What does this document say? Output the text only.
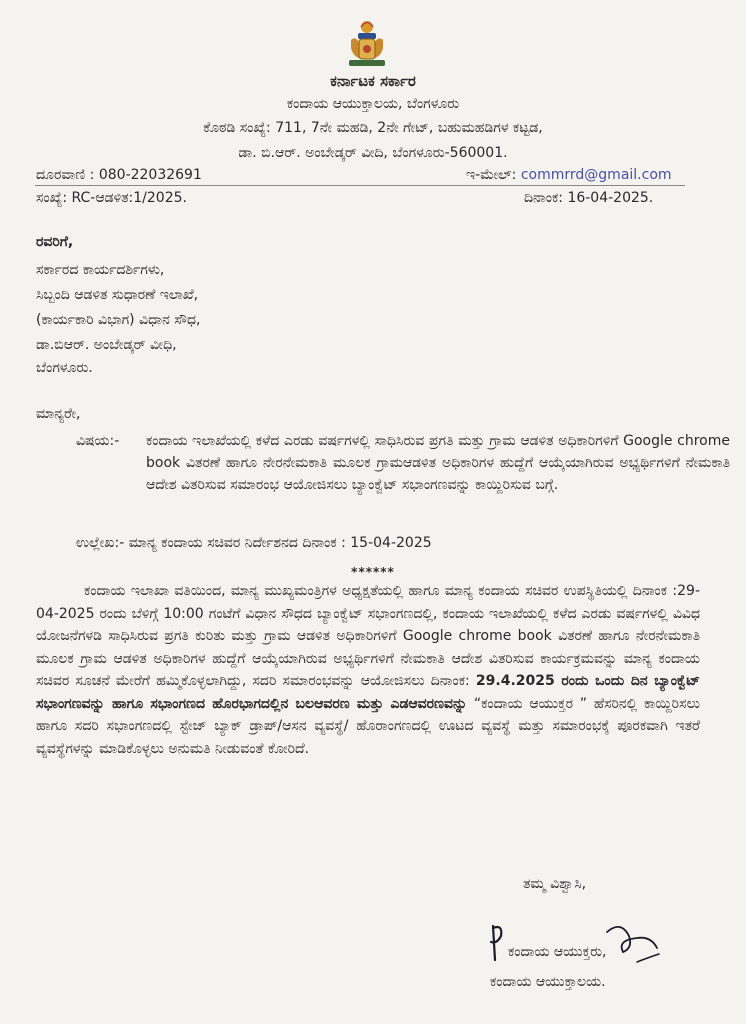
ಕರ್ನಾಟಕ ಸರ್ಕಾರ
ಕಂದಾಯ ಆಯುಕ್ತಾಲಯ, ಬೆಂಗಳೂರು
ಕೊಠಡಿ ಸಂಖ್ಯೆ: 711, 7ನೇ ಮಹಡಿ, 2ನೇ ಗೇಟ್, ಬಹುಮಹಡಿಗಳ ಕಟ್ಟಡ,
ಡಾ. ಬಿ.ಆರ್. ಅಂಬೇಡ್ಕರ್ ವೀದಿ, ಬೆಂಗಳೂರು-560001.
ದೂರವಾಣಿ : 080-22032691	ಇ-ಮೇಲ್: commrrd@gmail.com
ಸಂಖ್ಯೆ: RC-ಆಡಳಿತ:1/2025.	ದಿನಾಂಕ: 16-04-2025.
ರವರಿಗೆ,
ಸರ್ಕಾರದ ಕಾರ್ಯದರ್ಶಿಗಳು,
ಸಿಬ್ಬಂದಿ ಆಡಳಿತ ಸುಧಾರಣೆ ಇಲಾಖೆ,
(ಕಾರ್ಯಕಾರಿ ವಿಭಾಗ) ವಿಧಾನ ಸೌಧ,
ಡಾ.ಬಿಆರ್. ಅಂಬೇಡ್ಕರ್ ವೀಧಿ,
ಬೆಂಗಳೂರು.
ಮಾನ್ಯರೇ,
ವಿಷಯ:-	ಕಂದಾಯ ಇಲಾಖೆಯಲ್ಲಿ ಕಳೆದ ಎರಡು ವರ್ಷಗಳಲ್ಲಿ ಸಾಧಿಸಿರುವ ಪ್ರಗತಿ ಮತ್ತು ಗ್ರಾಮ ಆಡಳಿತ ಅಧಿಕಾರಿಗಳಿಗೆ Google chrome book ವಿತರಣೆ ಹಾಗೂ ನೇರನೇಮಕಾತಿ ಮೂಲಕ ಗ್ರಾಮಆಡಳಿತ ಅಧಿಕಾರಿಗಳ ಹುದ್ದೆಗೆ ಆಯ್ಕೆಯಾಗಿರುವ ಅಭ್ಯರ್ಥಿಗಳಿಗೆ ನೇಮಕಾತಿ ಆದೇಶ ವಿತರಿಸುವ ಸಮಾರಂಭ ಆಯೋಜಿಸಲು ಬ್ಯಾಂಕ್ವೆಟ್ ಸಭಾಂಗಣವನ್ನು ಕಾಯ್ದಿರಿಸುವ ಬಗ್ಗೆ.
ಉಲ್ಲೇಖ:- ಮಾನ್ಯ ಕಂದಾಯ ಸಚಿವರ ನಿರ್ದೇಶನದ ದಿನಾಂಕ : 15-04-2025
******
ಕಂದಾಯ ಇಲಾಖಾ ವತಿಯಿಂದ, ಮಾನ್ಯ ಮುಖ್ಯಮಂತ್ರಿಗಳ ಅಧ್ಯಕ್ಷತೆಯಲ್ಲಿ ಹಾಗೂ ಮಾನ್ಯ ಕಂದಾಯ ಸಚಿವರ ಉಪಸ್ಥಿತಿಯಲ್ಲಿ ದಿನಾಂಕ :29-04-2025 ರಂದು ಬೆಳಿಗ್ಗೆ 10:00 ಗಂಟೆಗೆ ವಿಧಾನ ಸೌಧದ ಬ್ಯಾಂಕ್ವೆಟ್ ಸಭಾಂಗಣದಲ್ಲಿ, ಕಂದಾಯ ಇಲಾಖೆಯಲ್ಲಿ ಕಳೆದ ಎರಡು ವರ್ಷಗಳಲ್ಲಿ ವಿವಿಧ ಯೋಜನೆಗಳಡಿ ಸಾಧಿಸಿರುವ ಪ್ರಗತಿ ಕುರಿತು ಮತ್ತು ಗ್ರಾಮ ಆಡಳಿತ ಅಧಿಕಾರಿಗಳಿಗೆ Google chrome book ವಿತರಣೆ ಹಾಗೂ ನೇರನೇಮಕಾತಿ ಮೂಲಕ ಗ್ರಾಮ ಆಡಳಿತ ಅಧಿಕಾರಿಗಳ ಹುದ್ದೆಗೆ ಆಯ್ಕೆಯಾಗಿರುವ ಅಭ್ಯರ್ಥಿಗಳಿಗೆ ನೇಮಕಾತಿ ಆದೇಶ ವಿತರಿಸುವ ಕಾರ್ಯಕ್ರಮವನ್ನು ಮಾನ್ಯ ಕಂದಾಯ ಸಚಿವರ ಸೂಚನೆ ಮೇರೆಗೆ ಹಮ್ಮಿಕೊಳ್ಳಲಾಗಿದ್ದು, ಸದರಿ ಸಮಾರಂಭವನ್ನು ಆಯೋಜಿಸಲು ದಿನಾಂಕ: 29.4.2025 ರಂದು ಒಂದು ದಿನ ಬ್ಯಾಂಕ್ವೆಟ್ ಸಭಾಂಗಣವನ್ನು ಹಾಗೂ ಸಭಾಂಗಣದ ಹೊರಭಾಗದಲ್ಲಿನ ಬಲಆವರಣ ಮತ್ತು ಎಡಆವರಣವನ್ನು “ಕಂದಾಯ ಆಯುಕ್ತರ ” ಹೆಸರಿನಲ್ಲಿ ಕಾಯ್ದಿರಿಸಲು ಹಾಗೂ ಸದರಿ ಸಭಾಂಗಣದಲ್ಲಿ ಸ್ಟೇಜ್ ಬ್ಯಾಕ್ ಡ್ರಾಪ್/ಆಸನ ವ್ಯವಸ್ಥೆ/ ಹೊರಾಂಗಣದಲ್ಲಿ ಊಟದ ವ್ಯವಸ್ಥೆ ಮತ್ತು ಸಮಾರಂಭಕ್ಕೆ ಪೂರಕವಾಗಿ ಇತರೆ ವ್ಯವಸ್ಥೆಗಳನ್ನು ಮಾಡಿಕೊಳ್ಳಲು ಅನುಮತಿ ನೀಡುವಂತೆ ಕೋರಿದೆ.
ತಮ್ಮ ವಿಶ್ವಾಸಿ,
ಕಂದಾಯ ಆಯುಕ್ತರು,
ಕಂದಾಯ ಆಯುಕ್ತಾಲಯ.
